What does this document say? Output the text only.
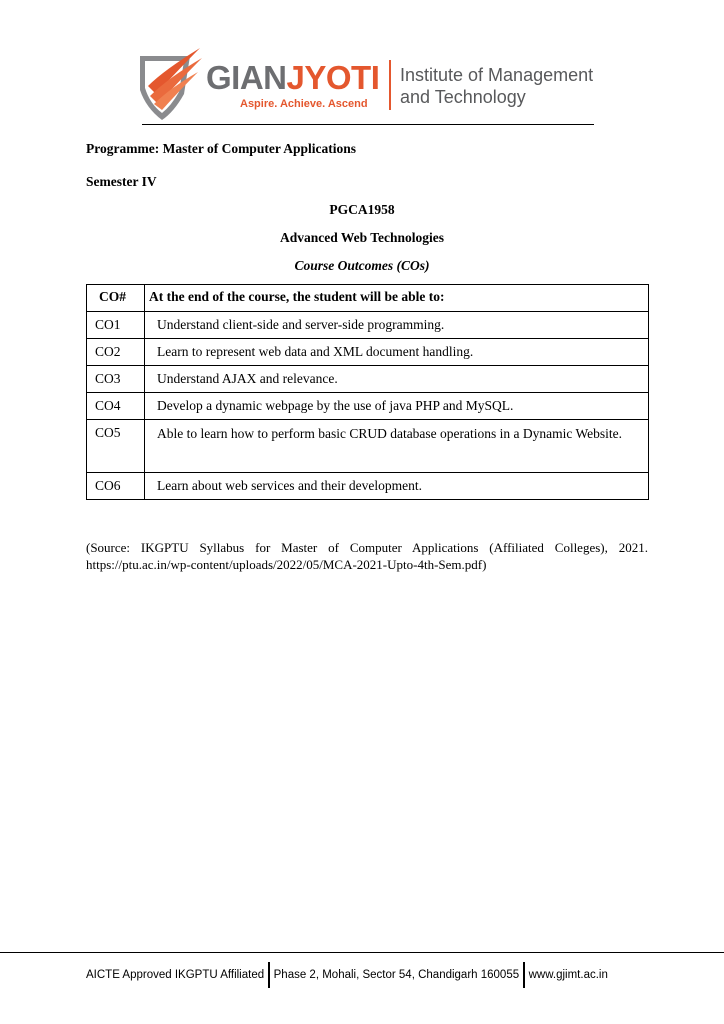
GIANJYOTI
Aspire. Achieve. Ascend
Institute of Management
and Technology
Programme: Master of Computer Applications
Semester IV
PGCA1958
Advanced Web Technologies
Course Outcomes (COs)
CO#	At the end of the course, the student will be able to:
CO1	Understand client-side and server-side programming.
CO2	Learn to represent web data and XML document handling.
CO3	Understand AJAX and relevance.
CO4	Develop a dynamic webpage by the use of java PHP and MySQL.
CO5	Able to learn how to perform basic CRUD database operations in a Dynamic Website.
CO6	Learn about web services and their development.
(Source: IKGPTU Syllabus for Master of Computer Applications (Affiliated Colleges), 2021. https://ptu.ac.in/wp-content/uploads/2022/05/MCA-2021-Upto-4th-Sem.pdf)
AICTE Approved IKGPTU Affiliated Phase 2, Mohali, Sector 54, Chandigarh 160055 www.gjimt.ac.in
